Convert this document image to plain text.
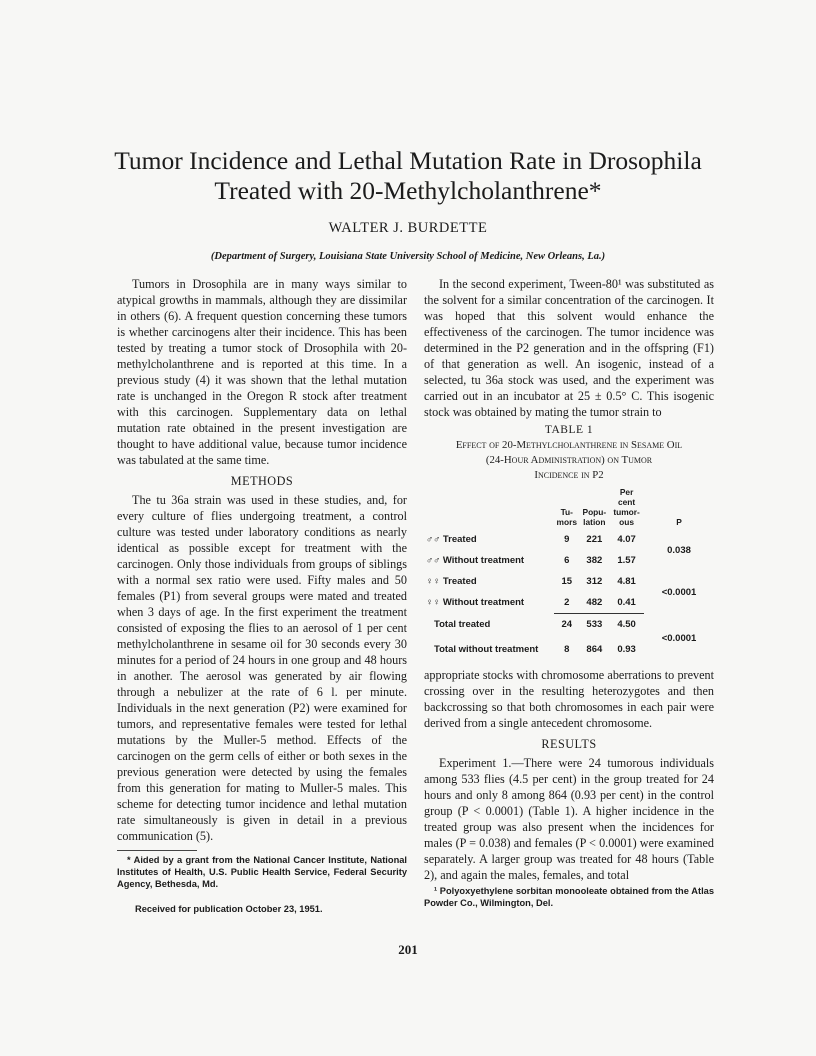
Tumor Incidence and Lethal Mutation Rate in Drosophila
Treated with 20-Methylcholanthrene*
WALTER J. BURDETTE
(Department of Surgery, Louisiana State University School of Medicine, New Orleans, La.)

Tumors in Drosophila are in many ways similar to atypical growths in mammals, although they are dissimilar in others (6). A frequent question concerning these tumors is whether carcinogens alter their incidence. This has been tested by treating a tumor stock of Drosophila with 20-methylcholanthrene and is reported at this time. In a previous study (4) it was shown that the lethal mutation rate is unchanged in the Oregon R stock after treatment with this carcinogen. Supplementary data on lethal mutation rate obtained in the present investigation are thought to have additional value, because tumor incidence was tabulated at the same time.

METHODS

The tu 36a strain was used in these studies, and, for every culture of flies undergoing treatment, a control culture was tested under laboratory conditions as nearly identical as possible except for treatment with the carcinogen. Only those individuals from groups of siblings with a normal sex ratio were used. Fifty males and 50 females (P1) from several groups were mated and treated when 3 days of age. In the first experiment the treatment consisted of exposing the flies to an aerosol of 1 per cent methylcholanthrene in sesame oil for 30 seconds every 30 minutes for a period of 24 hours in one group and 48 hours in another. The aerosol was generated by air flowing through a nebulizer at the rate of 6 l. per minute. Individuals in the next generation (P2) were examined for tumors, and representative females were tested for lethal mutations by the Muller-5 method. Effects of the carcinogen on the germ cells of either or both sexes in the previous generation were detected by using the females from this generation for mating to Muller-5 males. This scheme for detecting tumor incidence and lethal mutation rate simultaneously is given in detail in a previous communication (5).

* Aided by a grant from the National Cancer Institute, National Institutes of Health, U.S. Public Health Service, Federal Security Agency, Bethesda, Md.

Received for publication October 23, 1951.

In the second experiment, Tween-80¹ was substituted as the solvent for a similar concentration of the carcinogen. It was hoped that this solvent would enhance the effectiveness of the carcinogen. The tumor incidence was determined in the P2 generation and in the offspring (F1) of that generation as well. An isogenic, instead of a selected, tu 36a stock was used, and the experiment was carried out in an incubator at 25 ± 0.5° C. This isogenic stock was obtained by mating the tumor strain to

TABLE 1
Effect of 20-Methylcholanthrene in Sesame Oil
(24-Hour Administration) on Tumor
Incidence in P2
	Tu-mors	Popu-lation	Per cent tumor-ous	P
♂♂ Treated	9	221	4.07	0.038
♂♂ Without treatment	6	382	1.57	
♀♀ Treated	15	312	4.81	<0.0001
♀♀ Without treatment	2	482	0.41	
Total treated	24	533	4.50	<0.0001
Total without treatment	8	864	0.93	

appropriate stocks with chromosome aberrations to prevent crossing over in the resulting heterozygotes and then backcrossing so that both chromosomes in each pair were derived from a single antecedent chromosome.

RESULTS

Experiment 1.—There were 24 tumorous individuals among 533 flies (4.5 per cent) in the group treated for 24 hours and only 8 among 864 (0.93 per cent) in the control group (P < 0.0001) (Table 1). A higher incidence in the treated group was also present when the incidences for males (P = 0.038) and females (P < 0.0001) were examined separately. A larger group was treated for 48 hours (Table 2), and again the males, females, and total

¹ Polyoxyethylene sorbitan monooleate obtained from the Atlas Powder Co., Wilmington, Del.

201
